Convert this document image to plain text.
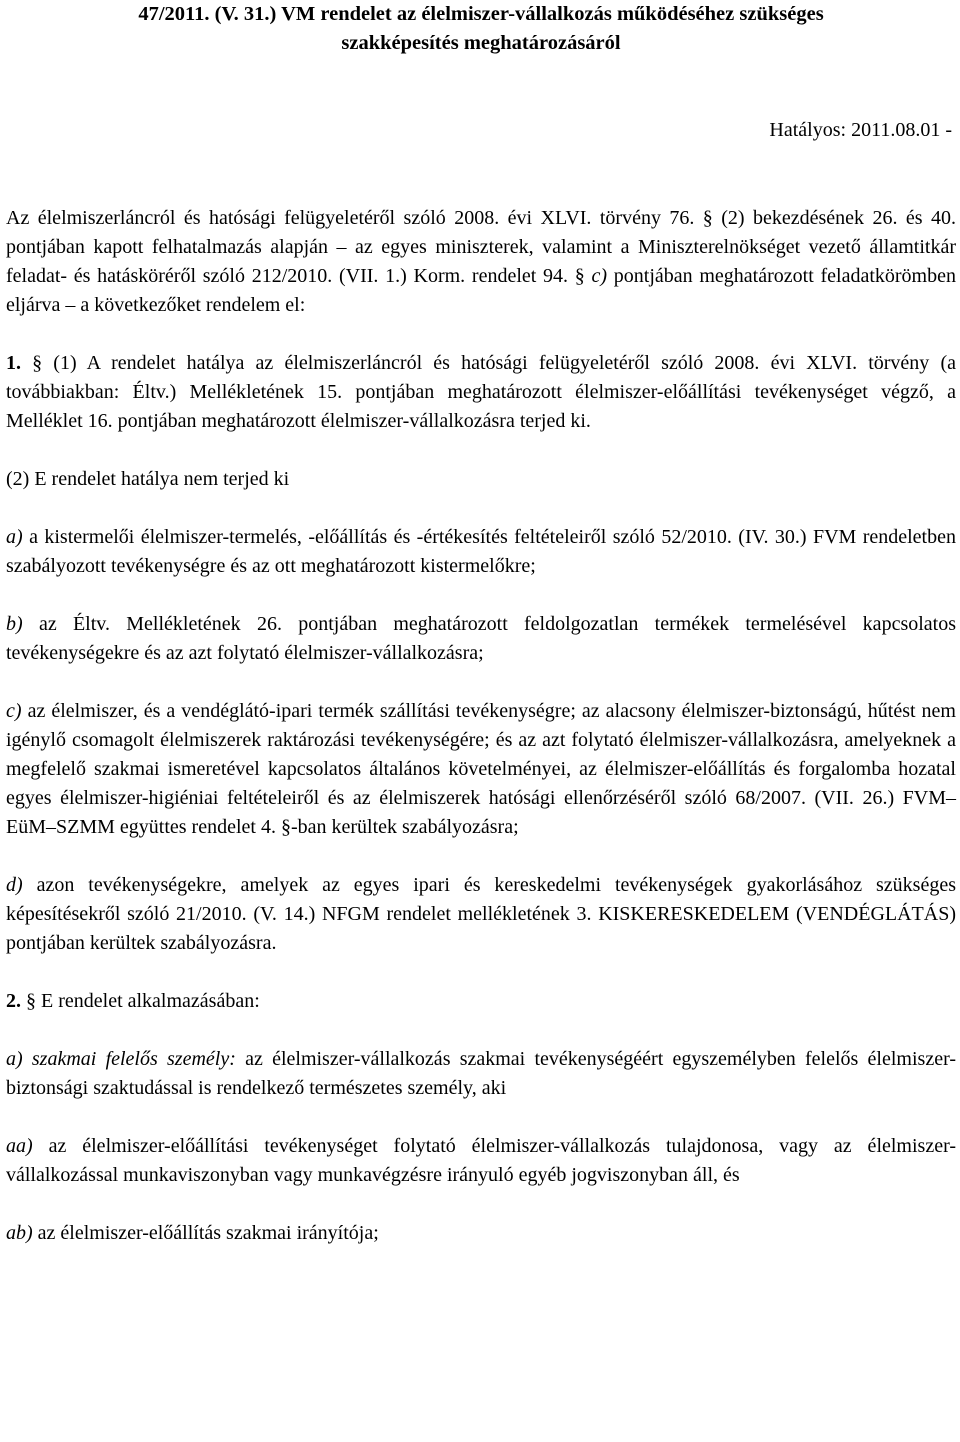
47/2011. (V. 31.) VM rendelet az élelmiszer-vállalkozás működéséhez szükséges
szakképesítés meghatározásáról

Hatályos: 2011.08.01 -

Az élelmiszerláncról és hatósági felügyeletéről szóló 2008. évi XLVI. törvény 76. § (2) bekezdésének 26. és 40. pontjában kapott felhatalmazás alapján – az egyes miniszterek, valamint a Miniszterelnökséget vezető államtitkár feladat- és hatásköréről szóló 212/2010. (VII. 1.) Korm. rendelet 94. § c) pontjában meghatározott feladatkörömben eljárva – a következőket rendelem el:

1. § (1) A rendelet hatálya az élelmiszerláncról és hatósági felügyeletéről szóló 2008. évi XLVI. törvény (a továbbiakban: Éltv.) Mellékletének 15. pontjában meghatározott élelmiszer-előállítási tevékenységet végző, a Melléklet 16. pontjában meghatározott élelmiszer-vállalkozásra terjed ki.

(2) E rendelet hatálya nem terjed ki

a) a kistermelői élelmiszer-termelés, -előállítás és -értékesítés feltételeiről szóló 52/2010. (IV. 30.) FVM rendeletben szabályozott tevékenységre és az ott meghatározott kistermelőkre;

b) az Éltv. Mellékletének 26. pontjában meghatározott feldolgozatlan termékek termelésével kapcsolatos tevékenységekre és az azt folytató élelmiszer-vállalkozásra;

c) az élelmiszer, és a vendéglátó-ipari termék szállítási tevékenységre; az alacsony élelmiszer-biztonságú, hűtést nem igénylő csomagolt élelmiszerek raktározási tevékenységére; és az azt folytató élelmiszer-vállalkozásra, amelyeknek a megfelelő szakmai ismeretével kapcsolatos általános követelményei, az élelmiszer-előállítás és forgalomba hozatal egyes élelmiszer-higiéniai feltételeiről és az élelmiszerek hatósági ellenőrzéséről szóló 68/2007. (VII. 26.) FVM–EüM–SZMM együttes rendelet 4. §-ban kerültek szabályozásra;

d) azon tevékenységekre, amelyek az egyes ipari és kereskedelmi tevékenységek gyakorlásához szükséges képesítésekről szóló 21/2010. (V. 14.) NFGM rendelet mellékletének 3. KISKERESKEDELEM (VENDÉGLÁTÁS) pontjában kerültek szabályozásra.

2. § E rendelet alkalmazásában:

a) szakmai felelős személy: az élelmiszer-vállalkozás szakmai tevékenységéért egyszemélyben felelős élelmiszer-biztonsági szaktudással is rendelkező természetes személy, aki

aa) az élelmiszer-előállítási tevékenységet folytató élelmiszer-vállalkozás tulajdonosa, vagy az élelmiszer-vállalkozással munkaviszonyban vagy munkavégzésre irányuló egyéb jogviszonyban áll, és

ab) az élelmiszer-előállítás szakmai irányítója;
